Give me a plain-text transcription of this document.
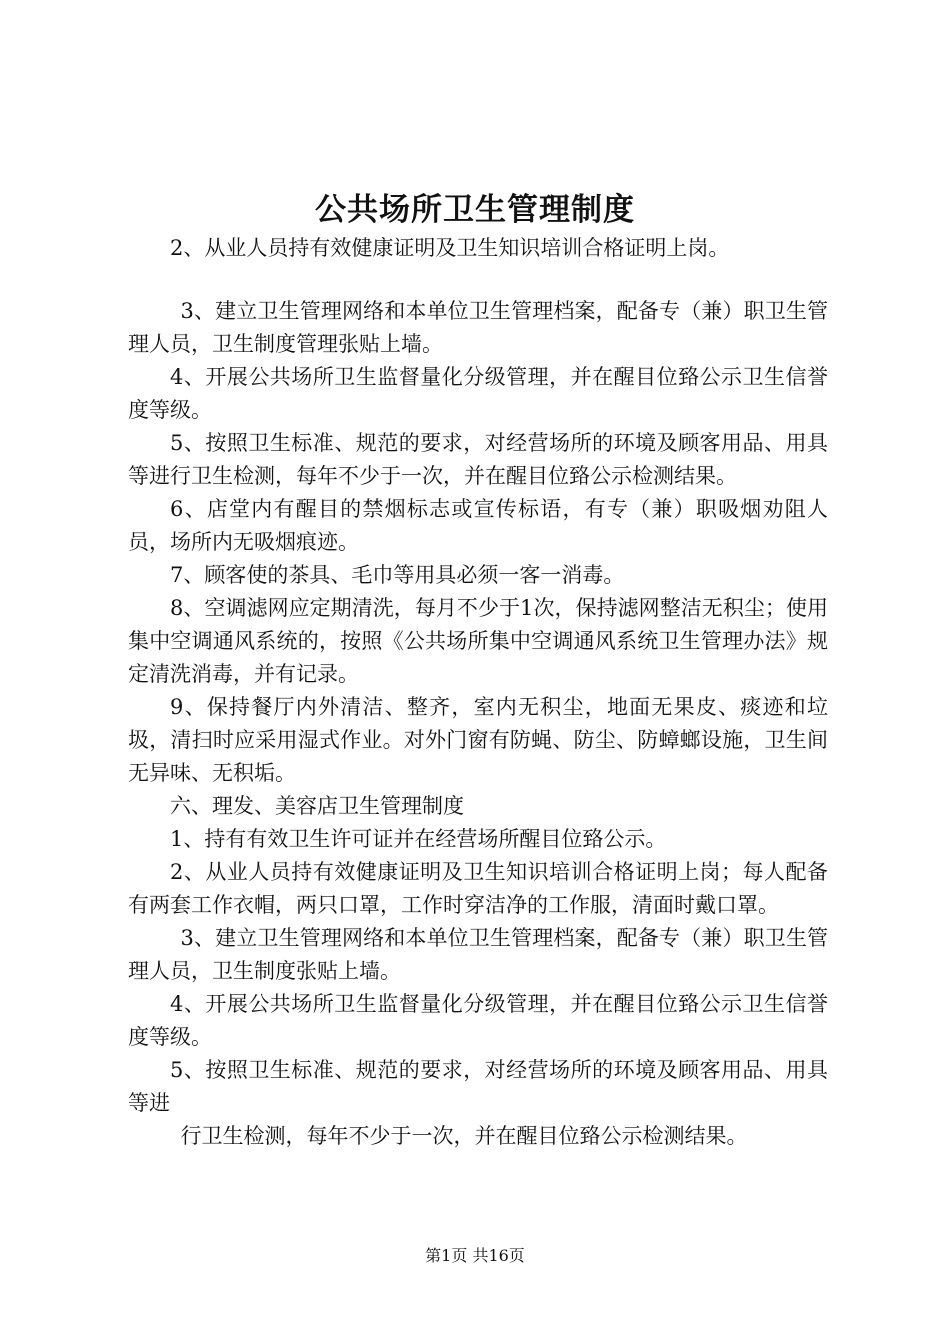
公共场所卫生管理制度

2、从业人员持有效健康证明及卫生知识培训合格证明上岗。

3、建立卫生管理网络和本单位卫生管理档案，配备专（兼）职卫生管理人员，卫生制度管理张贴上墙。

4、开展公共场所卫生监督量化分级管理，并在醒目位臵公示卫生信誉度等级。

5、按照卫生标准、规范的要求，对经营场所的环境及顾客用品、用具等进行卫生检测，每年不少于一次，并在醒目位臵公示检测结果。

6、店堂内有醒目的禁烟标志或宣传标语，有专（兼）职吸烟劝阻人员，场所内无吸烟痕迹。

7、顾客使的茶具、毛巾等用具必须一客一消毒。

8、空调滤网应定期清洗，每月不少于1次，保持滤网整洁无积尘；使用集中空调通风系统的，按照《公共场所集中空调通风系统卫生管理办法》规定清洗消毒，并有记录。

9、保持餐厅内外清洁、整齐，室内无积尘，地面无果皮、痰迹和垃圾，清扫时应采用湿式作业。对外门窗有防蝇、防尘、防蟑螂设施，卫生间无异味、无积垢。

六、理发、美容店卫生管理制度

1、持有有效卫生许可证并在经营场所醒目位臵公示。

2、从业人员持有效健康证明及卫生知识培训合格证明上岗；每人配备有两套工作衣帽，两只口罩，工作时穿洁净的工作服，清面时戴口罩。

3、建立卫生管理网络和本单位卫生管理档案，配备专（兼）职卫生管理人员，卫生制度张贴上墙。

4、开展公共场所卫生监督量化分级管理，并在醒目位臵公示卫生信誉度等级。

5、按照卫生标准、规范的要求，对经营场所的环境及顾客用品、用具等进

行卫生检测，每年不少于一次，并在醒目位臵公示检测结果。

第1页 共16页
